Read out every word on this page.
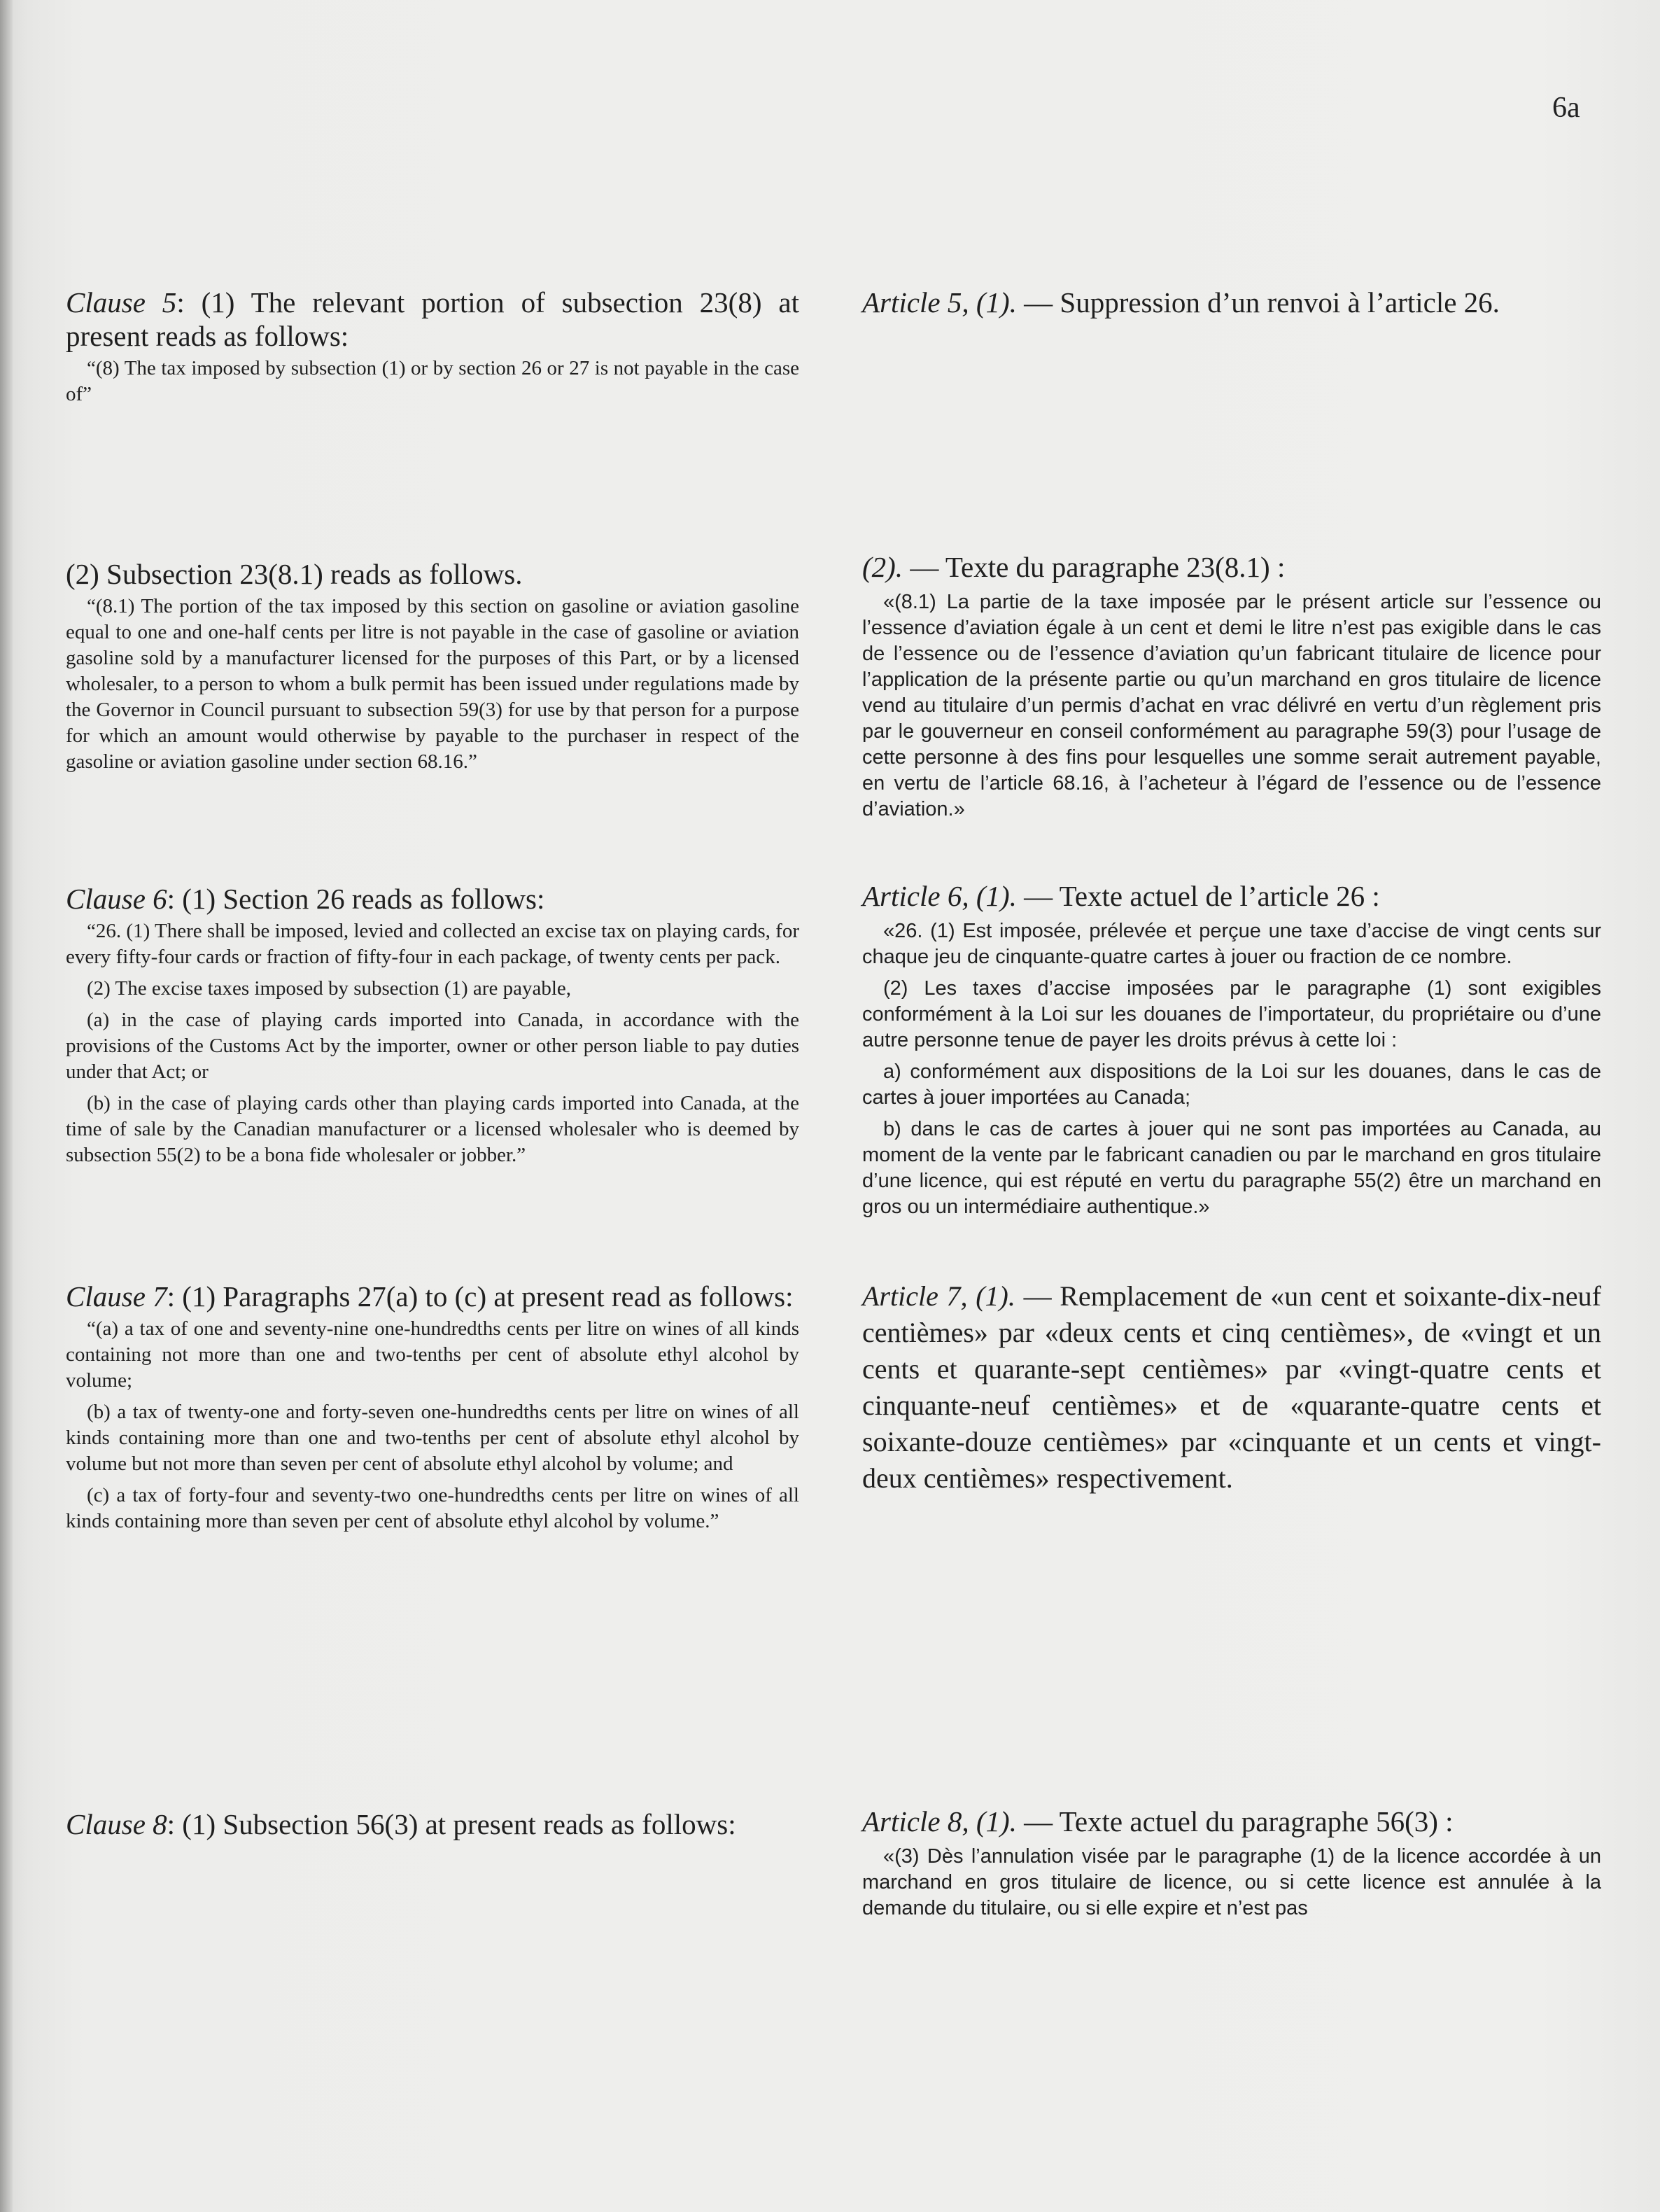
6a
Clause 5: (1) The relevant portion of subsection 23(8) at present reads as follows:

“(8) The tax imposed by subsection (1) or by section 26 or 27 is not payable in the case of”

(2) Subsection 23(8.1) reads as follows.

“(8.1) The portion of the tax imposed by this section on gasoline or aviation gasoline equal to one and one-half cents per litre is not payable in the case of gasoline or aviation gasoline sold by a manufacturer licensed for the purposes of this Part, or by a licensed wholesaler, to a person to whom a bulk permit has been issued under regulations made by the Governor in Council pursuant to subsection 59(3) for use by that person for a purpose for which an amount would otherwise by payable to the purchaser in respect of the gasoline or aviation gasoline under section 68.16.”

Clause 6: (1) Section 26 reads as follows:

“26. (1) There shall be imposed, levied and collected an excise tax on playing cards, for every fifty-four cards or fraction of fifty-four in each package, of twenty cents per pack.

(2) The excise taxes imposed by subsection (1) are payable,

(a) in the case of playing cards imported into Canada, in accordance with the provisions of the Customs Act by the importer, owner or other person liable to pay duties under that Act; or

(b) in the case of playing cards other than playing cards imported into Canada, at the time of sale by the Canadian manufacturer or a licensed wholesaler who is deemed by subsection 55(2) to be a bona fide wholesaler or jobber.”

Clause 7: (1) Paragraphs 27(a) to (c) at present read as follows:

“(a) a tax of one and seventy-nine one-hundredths cents per litre on wines of all kinds containing not more than one and two-tenths per cent of absolute ethyl alcohol by volume;

(b) a tax of twenty-one and forty-seven one-hundredths cents per litre on wines of all kinds containing more than one and two-tenths per cent of absolute ethyl alcohol by volume but not more than seven per cent of absolute ethyl alcohol by volume; and

(c) a tax of forty-four and seventy-two one-hundredths cents per litre on wines of all kinds containing more than seven per cent of absolute ethyl alcohol by volume.”

Clause 8: (1) Subsection 56(3) at present reads as follows:
Article 5, (1). — Suppression d’un renvoi à l’article 26.
(2). — Texte du paragraphe 23(8.1) :

«(8.1) La partie de la taxe imposée par le présent article sur l’essence ou l’essence d’aviation égale à un cent et demi le litre n’est pas exigible dans le cas de l’essence ou de l’essence d’aviation qu’un fabricant titulaire de licence pour l’application de la présente partie ou qu’un marchand en gros titulaire de licence vend au titulaire d’un permis d’achat en vrac délivré en vertu d’un règlement pris par le gouverneur en conseil conformément au paragraphe 59(3) pour l’usage de cette personne à des fins pour lesquelles une somme serait autrement payable, en vertu de l’article 68.16, à l’acheteur à l’égard de l’essence ou de l’essence d’aviation.»

Article 6, (1). — Texte actuel de l’article 26 :

«26. (1) Est imposée, prélevée et perçue une taxe d’accise de vingt cents sur chaque jeu de cinquante-quatre cartes à jouer ou fraction de ce nombre.

(2) Les taxes d’accise imposées par le paragraphe (1) sont exigibles conformément à la Loi sur les douanes de l’importateur, du propriétaire ou d’une autre personne tenue de payer les droits prévus à cette loi :

a) conformément aux dispositions de la Loi sur les douanes, dans le cas de cartes à jouer importées au Canada;

b) dans le cas de cartes à jouer qui ne sont pas importées au Canada, au moment de la vente par le fabricant canadien ou par le marchand en gros titulaire d’une licence, qui est réputé en vertu du paragraphe 55(2) être un marchand en gros ou un intermédiaire authentique.»

Article 7, (1). — Remplacement de «un cent et soixante-dix-neuf centièmes» par «deux cents et cinq centièmes», de «vingt et un cents et quarante-sept centièmes» par «vingt-quatre cents et cinquante-neuf centièmes» et de «quarante-quatre cents et soixante-douze centièmes» par «cinquante et un cents et vingt-deux centièmes» respectivement.
Article 8, (1). — Texte actuel du paragraphe 56(3) :

«(3) Dès l’annulation visée par le paragraphe (1) de la licence accordée à un marchand en gros titulaire de licence, ou si cette licence est annulée à la demande du titulaire, ou si elle expire et n’est pas
